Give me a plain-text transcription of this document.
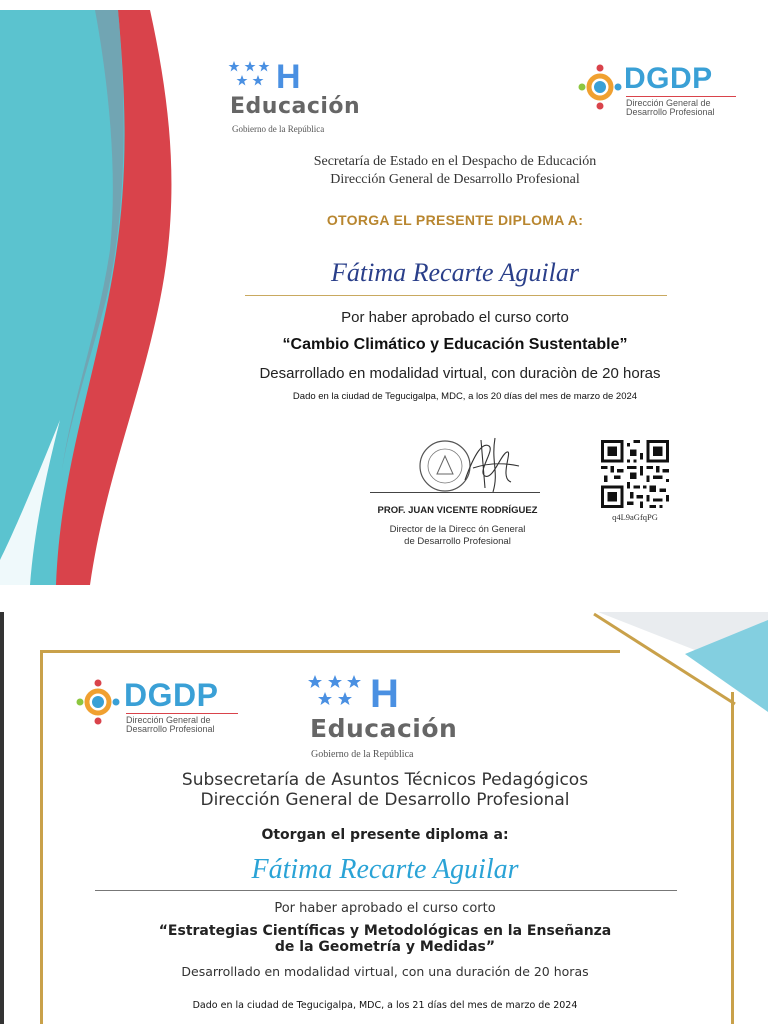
H
Educación
Gobierno de la República
DGDP
Dirección General de
Desarrollo Profesional
Secretaría de Estado en el Despacho de Educación
Dirección General de Desarrollo Profesional
OTORGA EL PRESENTE DIPLOMA A:
Fátima Recarte Aguilar
Por haber aprobado el curso corto
“Cambio Climático y Educación Sustentable”
Desarrollado en modalidad virtual, con duraciòn de 20 horas
Dado en la ciudad de Tegucigalpa, MDC, a los 20 días del mes de marzo de 2024
PROF. JUAN VICENTE RODRÍGUEZ
Director de la Direcc ón General
de Desarrollo Profesional
q4L9aGfqPG
DGDP
Dirección General de
Desarrollo Profesional
H
Educación
Gobierno de la República
Subsecretaría de Asuntos Técnicos Pedagógicos
Dirección General de Desarrollo Profesional
Otorgan el presente diploma a:
Fátima Recarte Aguilar
Por haber aprobado el curso corto
“Estrategias Científicas y Metodológicas en la Enseñanza
de la Geometría y Medidas”
Desarrollado en modalidad virtual, con una duración de 20 horas
Dado en la ciudad de Tegucigalpa, MDC, a los 21 días del mes de marzo de 2024
